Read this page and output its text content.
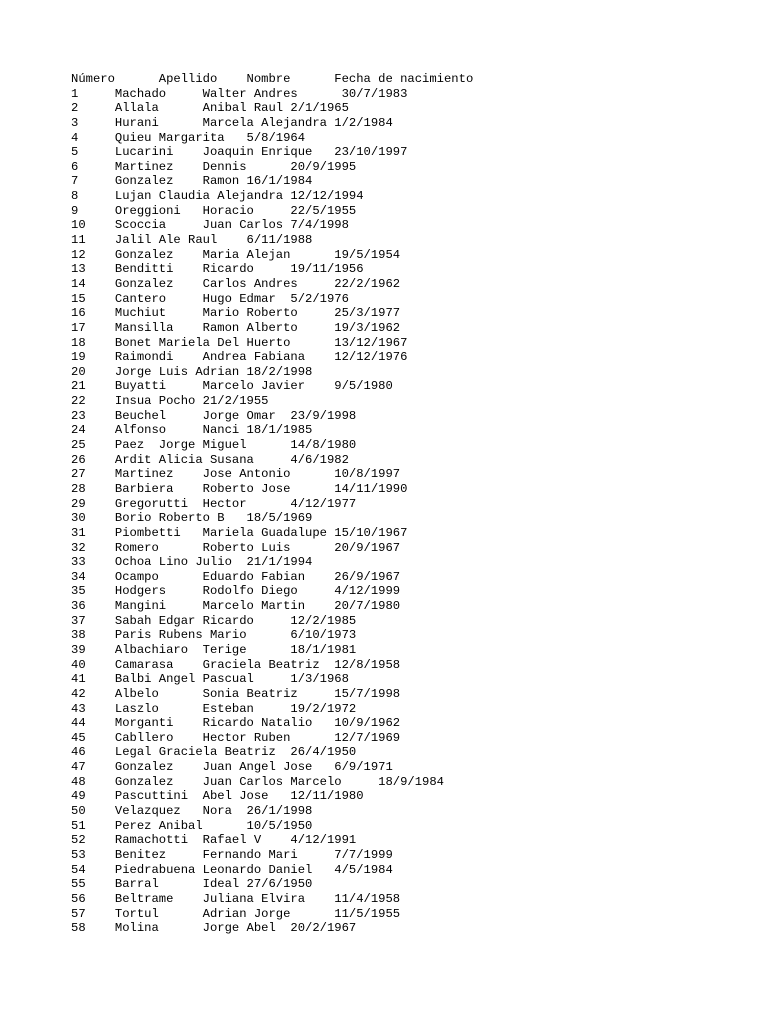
Número      Apellido    Nombre      Fecha de nacimiento
1     Machado     Walter Andres      30/7/1983
2     Allala      Anibal Raul 2/1/1965
3     Hurani      Marcela Alejandra 1/2/1984
4     Quieu Margarita   5/8/1964
5     Lucarini    Joaquin Enrique   23/10/1997
6     Martinez    Dennis      20/9/1995
7     Gonzalez    Ramon 16/1/1984
8     Lujan Claudia Alejandra 12/12/1994
9     Oreggioni   Horacio     22/5/1955
10    Scoccia     Juan Carlos 7/4/1998
11    Jalil Ale Raul    6/11/1988
12    Gonzalez    Maria Alejan      19/5/1954
13    Benditti    Ricardo     19/11/1956
14    Gonzalez    Carlos Andres     22/2/1962
15    Cantero     Hugo Edmar  5/2/1976
16    Muchiut     Mario Roberto     25/3/1977
17    Mansilla    Ramon Alberto     19/3/1962
18    Bonet Mariela Del Huerto      13/12/1967
19    Raimondi    Andrea Fabiana    12/12/1976
20    Jorge Luis Adrian 18/2/1998
21    Buyatti     Marcelo Javier    9/5/1980
22    Insua Pocho 21/2/1955
23    Beuchel     Jorge Omar  23/9/1998
24    Alfonso     Nanci 18/1/1985
25    Paez  Jorge Miguel      14/8/1980
26    Ardit Alicia Susana     4/6/1982
27    Martinez    Jose Antonio      10/8/1997
28    Barbiera    Roberto Jose      14/11/1990
29    Gregorutti  Hector      4/12/1977
30    Borio Roberto B   18/5/1969
31    Piombetti   Mariela Guadalupe 15/10/1967
32    Romero      Roberto Luis      20/9/1967
33    Ochoa Lino Julio  21/1/1994
34    Ocampo      Eduardo Fabian    26/9/1967
35    Hodgers     Rodolfo Diego     4/12/1999
36    Mangini     Marcelo Martin    20/7/1980
37    Sabah Edgar Ricardo     12/2/1985
38    Paris Rubens Mario      6/10/1973
39    Albachiaro  Terige      18/1/1981
40    Camarasa    Graciela Beatriz  12/8/1958
41    Balbi Angel Pascual     1/3/1968
42    Albelo      Sonia Beatriz     15/7/1998
43    Laszlo      Esteban     19/2/1972
44    Morganti    Ricardo Natalio   10/9/1962
45    Cabllero    Hector Ruben      12/7/1969
46    Legal Graciela Beatriz  26/4/1950
47    Gonzalez    Juan Angel Jose   6/9/1971
48    Gonzalez    Juan Carlos Marcelo     18/9/1984
49    Pascuttini  Abel Jose   12/11/1980
50    Velazquez   Nora  26/1/1998
51    Perez Anibal      10/5/1950
52    Ramachotti  Rafael V    4/12/1991
53    Benitez     Fernando Mari     7/7/1999
54    Piedrabuena Leonardo Daniel   4/5/1984
55    Barral      Ideal 27/6/1950
56    Beltrame    Juliana Elvira    11/4/1958
57    Tortul      Adrian Jorge      11/5/1955
58    Molina      Jorge Abel  20/2/1967
